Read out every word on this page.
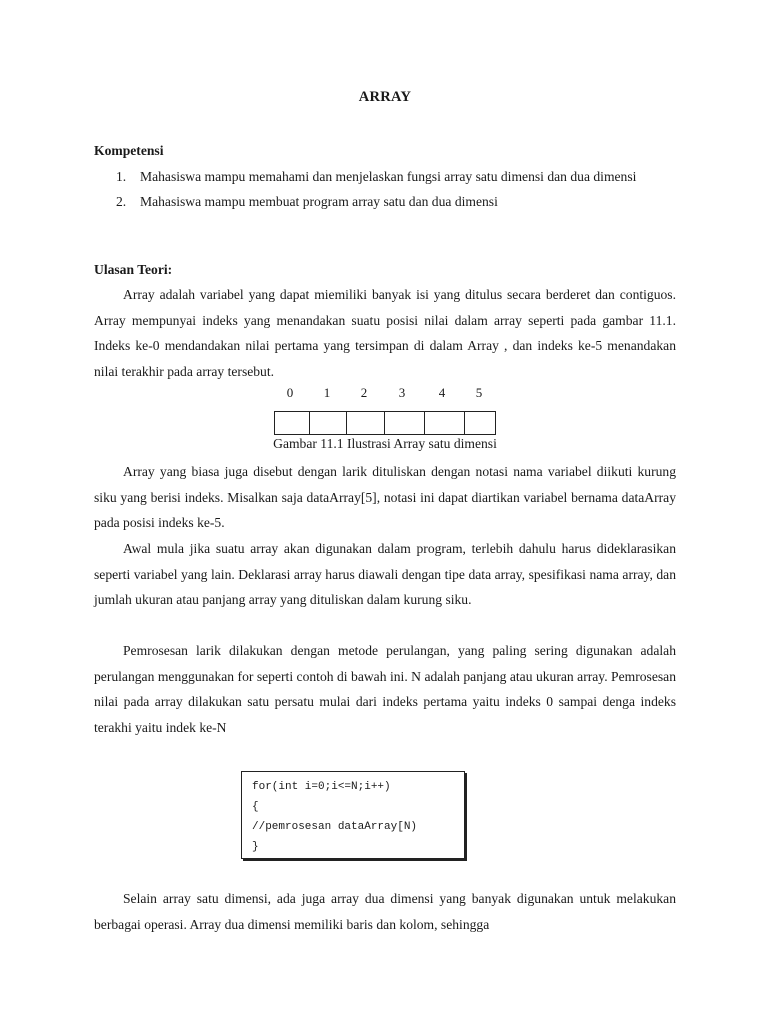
ARRAY
Kompetensi
1. Mahasiswa mampu memahami dan menjelaskan fungsi array satu dimensi dan dua dimensi
2. Mahasiswa mampu membuat program array satu dan dua dimensi
Ulasan Teori:

Array adalah variabel yang dapat miemiliki banyak isi yang ditulus secara berderet dan contiguos. Array mempunyai indeks yang menandakan suatu posisi nilai dalam array seperti pada gambar 11.1. Indeks ke-0 mendandakan nilai pertama yang tersimpan di dalam Array , dan indeks ke-5 menandakan nilai terakhir pada array tersebut.

0	1	2	3	4	5
Gambar 11.1 Ilustrasi Array satu dimensi

Array yang biasa juga disebut dengan larik dituliskan dengan notasi nama variabel diikuti kurung siku yang berisi indeks. Misalkan saja dataArray[5], notasi ini dapat diartikan variabel bernama dataArray pada posisi indeks ke-5.

Awal mula jika suatu array akan digunakan dalam program, terlebih dahulu harus dideklarasikan seperti variabel yang lain. Deklarasi array harus diawali dengan tipe data array, spesifikasi nama array, dan jumlah ukuran atau panjang array yang dituliskan dalam kurung siku.

Pemrosesan larik dilakukan dengan metode perulangan, yang paling sering digunakan adalah perulangan menggunakan for seperti contoh di bawah ini. N adalah panjang atau ukuran array. Pemrosesan nilai pada array dilakukan satu persatu mulai dari indeks pertama yaitu indeks 0 sampai denga indeks terakhi yaitu indek ke-N

for(int i=0;i<=N;i++)
{
//pemrosesan dataArray[N)
}

Selain array satu dimensi, ada juga array dua dimensi yang banyak digunakan untuk melakukan berbagai operasi. Array dua dimensi memiliki baris dan kolom, sehingga
